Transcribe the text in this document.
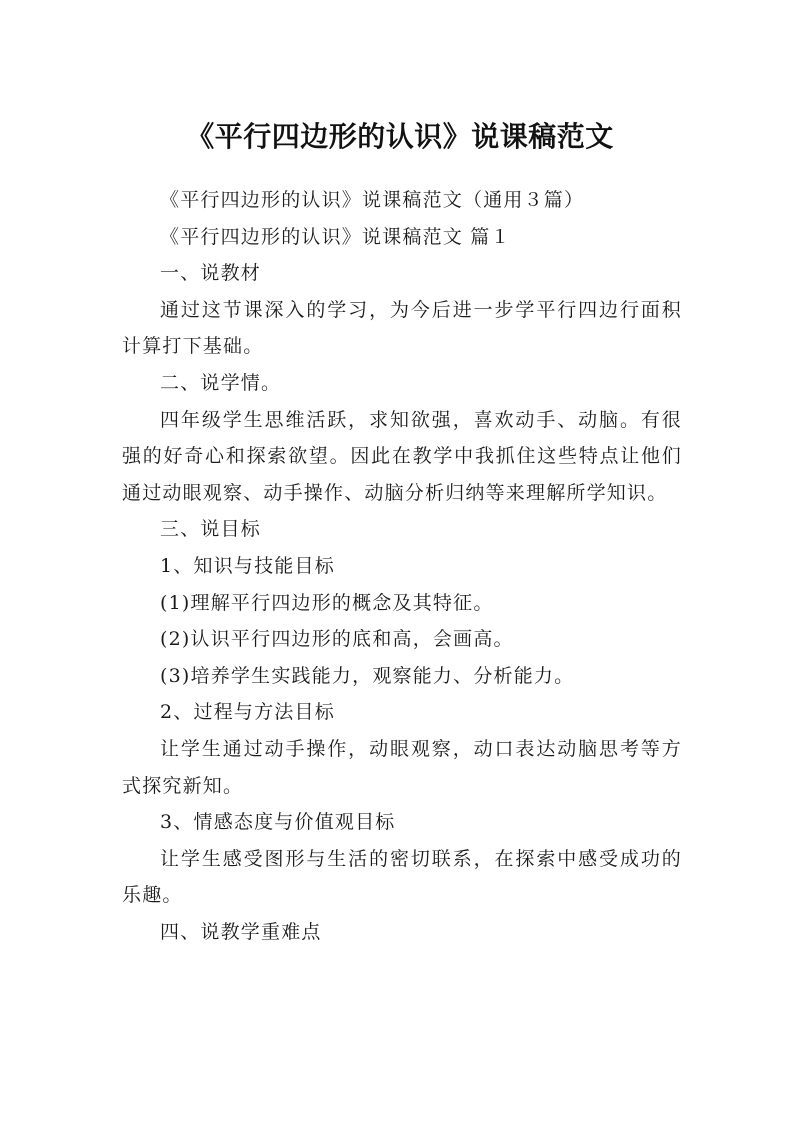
《平行四边形的认识》说课稿范文

《平行四边形的认识》说课稿范文（通用３篇）

《平行四边形的认识》说课稿范文 篇１

一、说教材

通过这节课深入的学习，为今后进一步学平行四边行面积计算打下基础。

二、说学情。

四年级学生思维活跃，求知欲强，喜欢动手、动脑。有很强的好奇心和探索欲望。因此在教学中我抓住这些特点让他们通过动眼观察、动手操作、动脑分析归纳等来理解所学知识。

三、说目标

1、知识与技能目标

(1)理解平行四边形的概念及其特征。

(2)认识平行四边形的底和高，会画高。

(3)培养学生实践能力，观察能力、分析能力。

2、过程与方法目标

让学生通过动手操作，动眼观察，动口表达动脑思考等方式探究新知。

3、情感态度与价值观目标

让学生感受图形与生活的密切联系，在探索中感受成功的乐趣。

四、说教学重难点
